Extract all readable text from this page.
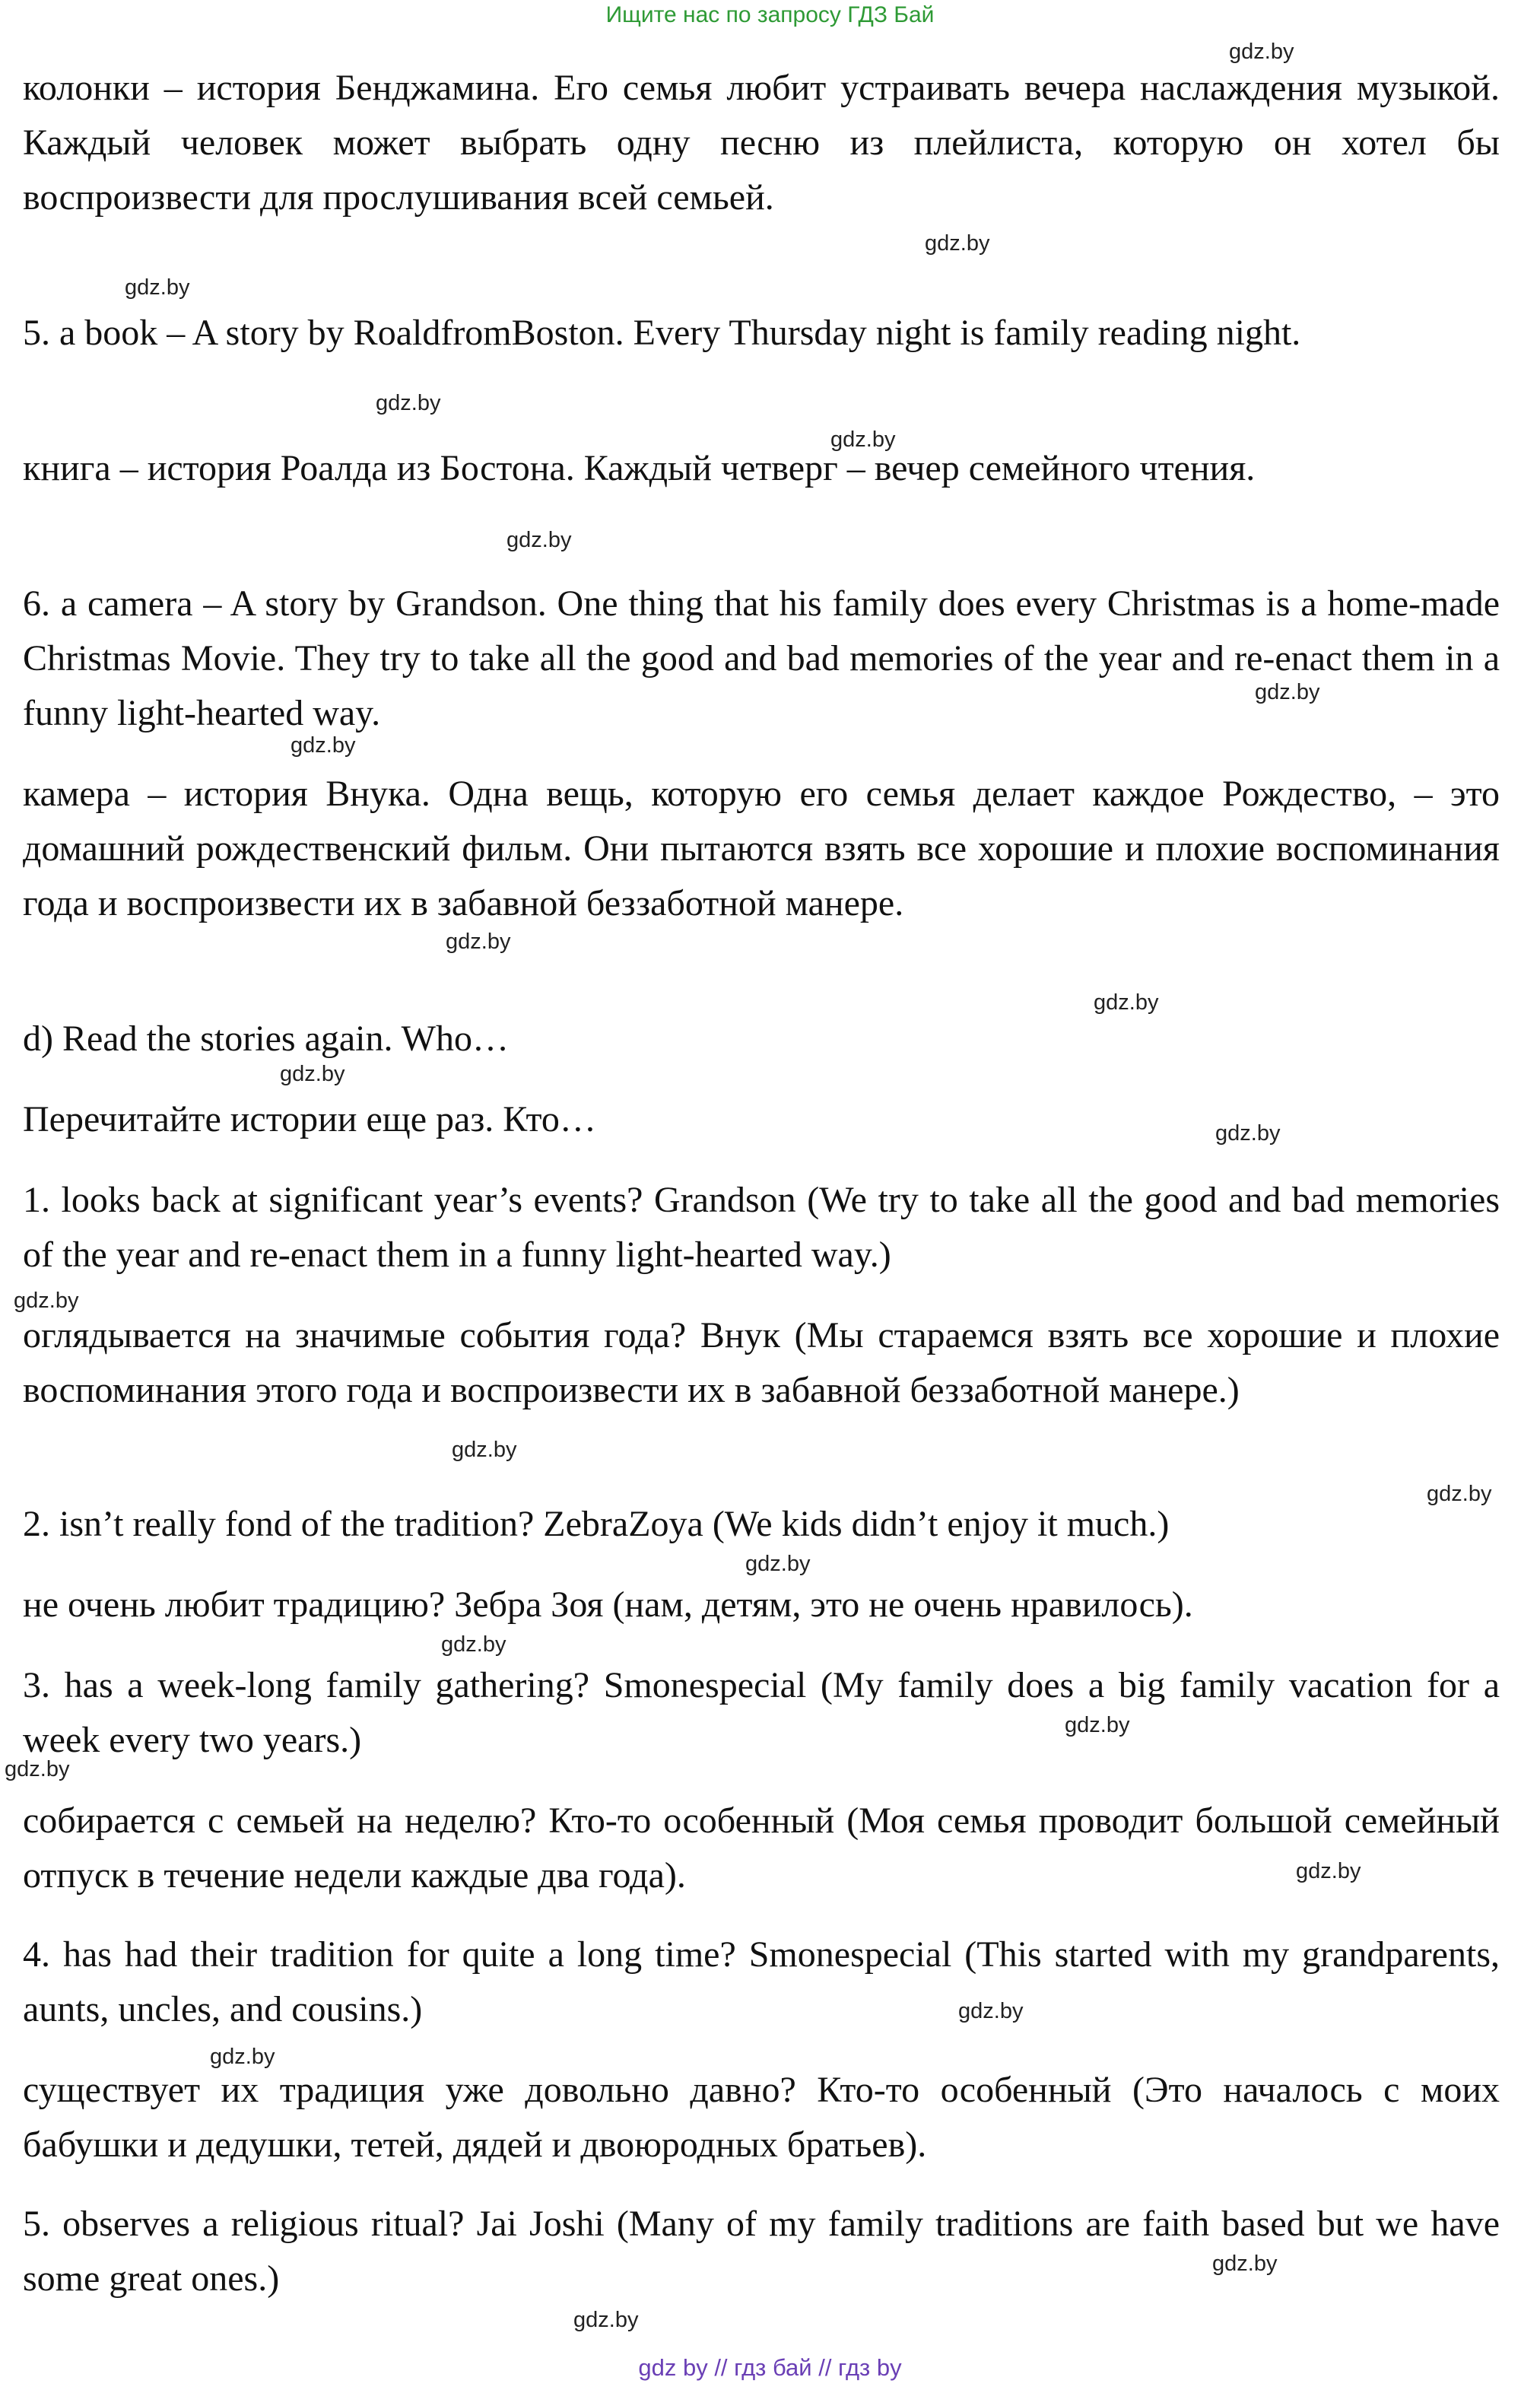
Ищите нас по запросу ГДЗ Бай

колонки – история Бенджамина. Его семья любит устраивать вечера наслаждения музыкой. Каждый человек может выбрать одну песню из плейлиста, которую он хотел бы воспроизвести для прослушивания всей семьей.

5. a book – A story by RoaldfromBoston. Every Thursday night is family reading night.

книга – история Роалда из Бостона. Каждый четверг – вечер семейного чтения.

6. a camera – A story by Grandson. One thing that his family does every Christmas is a home-made Christmas Movie. They try to take all the good and bad memories of the year and re-enact them in a funny light-hearted way.

камера – история Внука. Одна вещь, которую его семья делает каждое Рождество, – это домашний рождественский фильм. Они пытаются взять все хорошие и плохие воспоминания года и воспроизвести их в забавной беззаботной манере.

d) Read the stories again. Who…

Перечитайте истории еще раз. Кто…

1. looks back at significant year’s events? Grandson (We try to take all the good and bad memories of the year and re-enact them in a funny light-hearted way.)

оглядывается на значимые события года? Внук (Мы стараемся взять все хорошие и плохие воспоминания этого года и воспроизвести их в забавной беззаботной манере.)

2. isn’t really fond of the tradition? ZebraZoya (We kids didn’t enjoy it much.)

не очень любит традицию? Зебра Зоя (нам, детям, это не очень нравилось).

3. has a week-long family gathering? Smonespecial (My family does a big family vacation for a week every two years.)

собирается с семьей на неделю? Кто-то особенный (Моя семья проводит большой семейный отпуск в течение недели каждые два года).

4. has had their tradition for quite a long time? Smonespecial (This started with my grandparents, aunts, uncles, and cousins.)

существует их традиция уже довольно давно? Кто-то особенный (Это началось с моих бабушки и дедушки, тетей, дядей и двоюродных братьев).

5. observes a religious ritual? Jai Joshi (Many of my family traditions are faith based but we have some great ones.)

gdz.by
gdz.by
gdz.by
gdz.by
gdz.by
gdz.by
gdz.by
gdz.by
gdz.by
gdz.by
gdz.by
gdz.by
gdz.by
gdz.by
gdz.by
gdz.by
gdz.by
gdz.by
gdz.by
gdz.by
gdz.by
gdz.by
gdz.by
gdz.by
gdz by // гдз бай // гдз by
